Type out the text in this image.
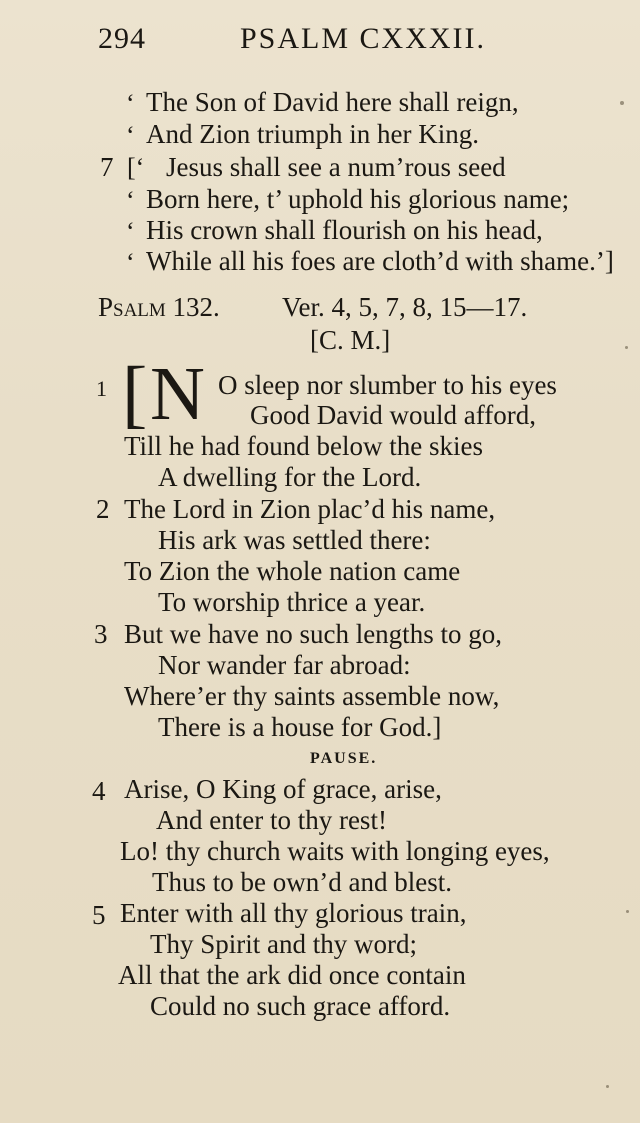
294	PSALM CXXXII.
‘ The Son of David here shall reign,
‘ And Zion triumph in her King.
7 [‘ Jesus shall see a num’rous seed
‘ Born here, t’ uphold his glorious name;
‘ His crown shall flourish on his head,
‘ While all his foes are cloth’d with shame.’]
Psalm 132. Ver. 4, 5, 7, 8, 15—17.
[C. M.]
1 [ N O sleep nor slumber to his eyes
Good David would afford,
Till he had found below the skies
A dwelling for the Lord.
2 The Lord in Zion plac’d his name,
His ark was settled there:
To Zion the whole nation came
To worship thrice a year.
3 But we have no such lengths to go,
Nor wander far abroad:
Where’er thy saints assemble now,
There is a house for God.]
PAUSE.
4 Arise, O King of grace, arise,
And enter to thy rest!
Lo! thy church waits with longing eyes,
Thus to be own’d and blest.
5 Enter with all thy glorious train,
Thy Spirit and thy word;
All that the ark did once contain
Could no such grace afford.
